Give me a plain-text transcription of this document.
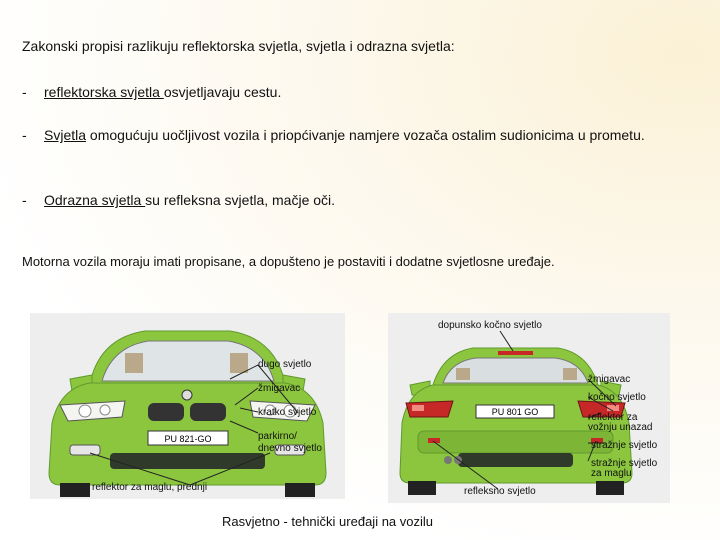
Zakonski propisi razlikuju reflektorska svjetla, svjetla i odrazna svjetla:
- reflektorska svjetla osvjetljavaju cestu.
- Svjetla omogućuju uočljivost vozila i priopćivanje namjere vozača ostalim sudionicima u prometu.
- Odrazna svjetla su refleksna svjetla, mačje oči.
Motorna vozila moraju imati propisane, a dopušteno je postaviti i dodatne svjetlosne uređaje.
PU 821-GO
dugo svjetlo
žmigavac
kratko svjetlo
parkirno/
dnevno svjetlo
reflektor za maglu, prednji
PU 801 GO
dopunsko kočno svjetlo
žmigavac
kočno svjetlo
reflektor za
vožnju unazad
stražnje svjetlo
stražnje svjetlo
za maglu
refleksno svjetlo
Rasvjetno - tehnički uređaji na vozilu
